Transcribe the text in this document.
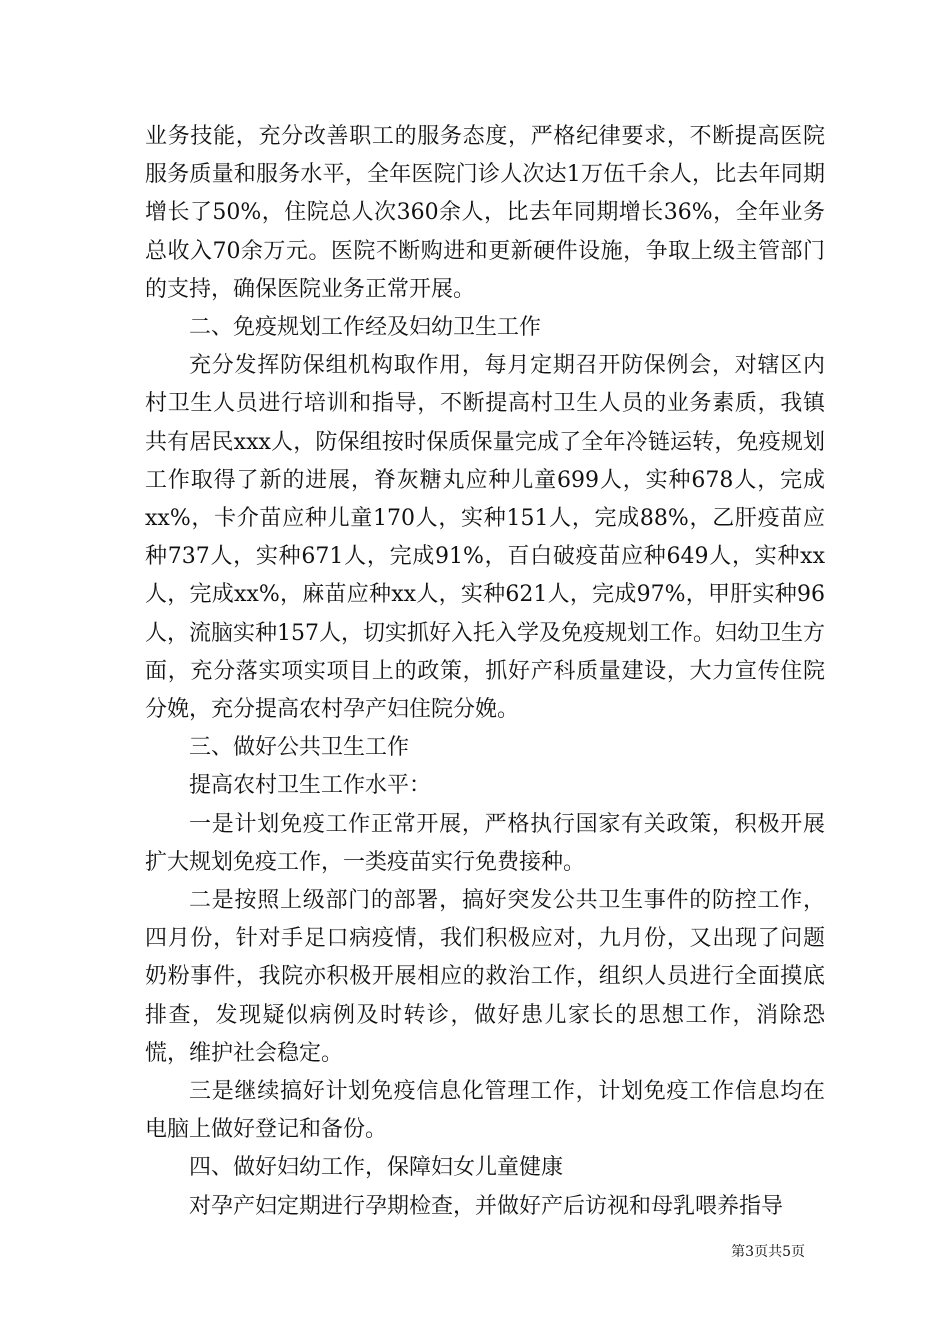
业务技能，充分改善职工的服务态度，严格纪律要求，不断提高医院服务质量和服务水平，全年医院门诊人次达1万伍千余人，比去年同期增长了50%，住院总人次360余人，比去年同期增长36%，全年业务总收入70余万元。医院不断购进和更新硬件设施，争取上级主管部门的支持，确保医院业务正常开展。

二、免疫规划工作经及妇幼卫生工作

充分发挥防保组机构取作用，每月定期召开防保例会，对辖区内村卫生人员进行培训和指导，不断提高村卫生人员的业务素质，我镇共有居民xxx人，防保组按时保质保量完成了全年冷链运转，免疫规划工作取得了新的进展，脊灰糖丸应种儿童699人，实种678人，完成xx%，卡介苗应种儿童170人，实种151人，完成88%，乙肝疫苗应种737人，实种671人，完成91%，百白破疫苗应种649人，实种xx人，完成xx%，麻苗应种xx人，实种621人，完成97%，甲肝实种96人，流脑实种157人，切实抓好入托入学及免疫规划工作。妇幼卫生方面，充分落实项实项目上的政策，抓好产科质量建设，大力宣传住院分娩，充分提高农村孕产妇住院分娩。

三、做好公共卫生工作

提高农村卫生工作水平：

一是计划免疫工作正常开展，严格执行国家有关政策，积极开展扩大规划免疫工作，一类疫苗实行免费接种。

二是按照上级部门的部署，搞好突发公共卫生事件的防控工作，四月份，针对手足口病疫情，我们积极应对，九月份，又出现了问题奶粉事件，我院亦积极开展相应的救治工作，组织人员进行全面摸底排查，发现疑似病例及时转诊，做好患儿家长的思想工作，消除恐慌，维护社会稳定。

三是继续搞好计划免疫信息化管理工作，计划免疫工作信息均在电脑上做好登记和备份。

四、做好妇幼工作，保障妇女儿童健康

对孕产妇定期进行孕期检查，并做好产后访视和母乳喂养指导

第3页共5页
